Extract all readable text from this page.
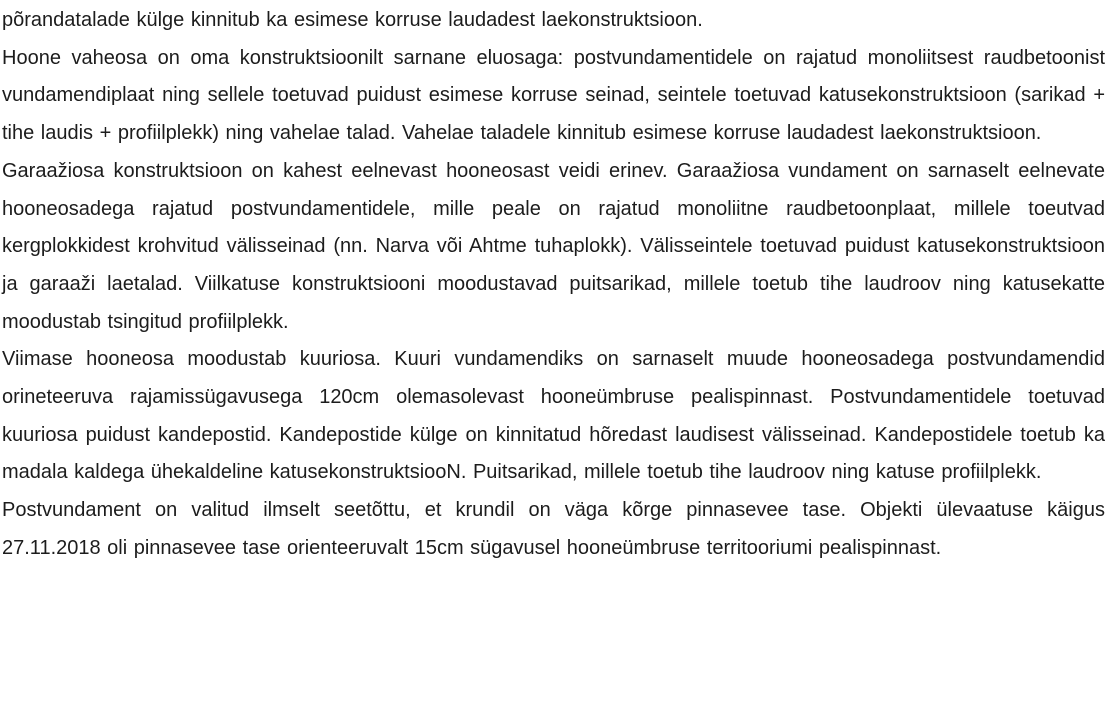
põrandatalade külge kinnitub ka esimese korruse laudadest laekonstruktsioon.

Hoone vaheosa on oma konstruktsioonilt sarnane eluosaga: postvundamentidele on rajatud monoliitsest raudbetoonist vundamendiplaat ning sellele toetuvad puidust esimese korruse seinad, seintele toetuvad katusekonstruktsioon (sarikad + tihe laudis + profiilplekk) ning vahelae talad. Vahelae taladele kinnitub esimese korruse laudadest laekonstruktsioon.

Garaažiosa konstruktsioon on kahest eelnevast hooneosast veidi erinev. Garaažiosa vundament on sarnaselt eelnevate hooneosadega rajatud postvundamentidele, mille peale on rajatud monoliitne raudbetoonplaat, millele toeutvad kergplokkidest krohvitud välisseinad (nn. Narva või Ahtme tuhaplokk). Välisseintele toetuvad puidust katusekonstruktsioon ja garaaži laetalad. Viilkatuse konstruktsiooni moodustavad puitsarikad, millele toetub tihe laudroov ning katusekatte moodustab tsingitud profiilplekk.

Viimase hooneosa moodustab kuuriosa. Kuuri vundamendiks on sarnaselt muude hooneosadega postvundamendid orineteeruva rajamissügavusega 120cm olemasolevast hooneümbruse pealispinnast. Postvundamentidele toetuvad kuuriosa puidust kandepostid. Kandepostide külge on kinnitatud hõredast laudisest välisseinad. Kandepostidele toetub ka madala kaldega ühekaldeline katusekonstruktsiooN. Puitsarikad, millele toetub tihe laudroov ning katuse profiilplekk.

Postvundament on valitud ilmselt seetõttu, et krundil on väga kõrge pinnasevee tase. Objekti ülevaatuse käigus 27.11.2018 oli pinnasevee tase orienteeruvalt 15cm sügavusel hooneümbruse territooriumi pealispinnast.
